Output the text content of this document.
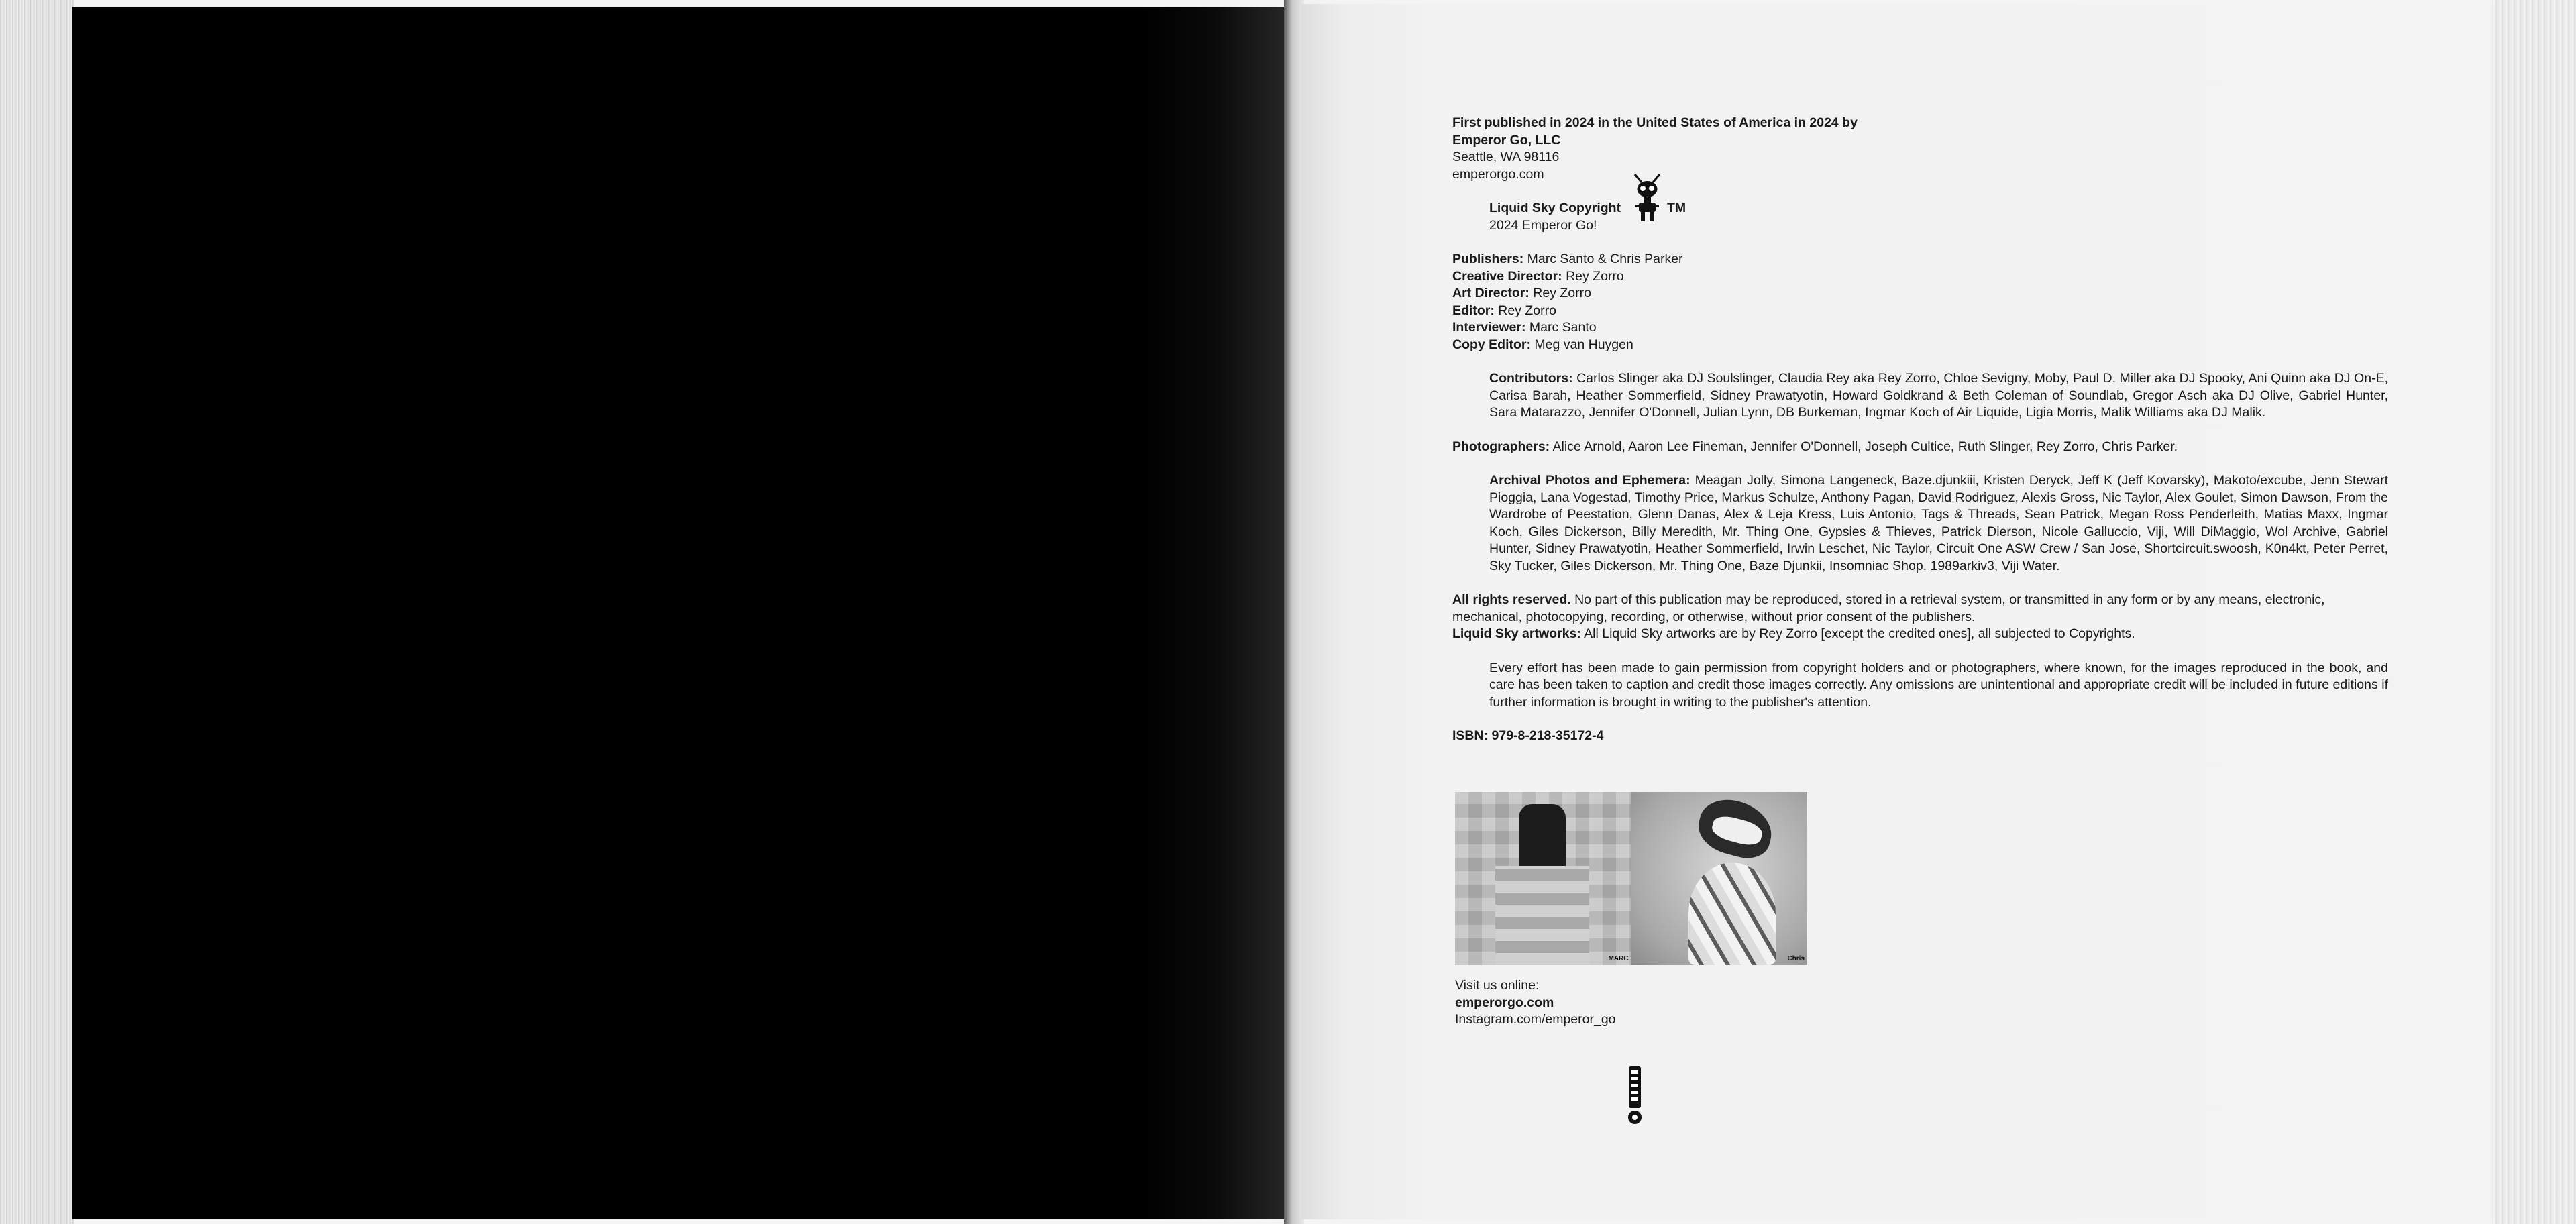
First published in 2024 in the United States of America in 2024 by

Emperor Go, LLC

Seattle, WA 98116

emperorgo.com

Liquid Sky Copyright

2024 Emperor Go!

TM

Publishers: Marc Santo & Chris Parker

Creative Director: Rey Zorro

Art Director: Rey Zorro

Editor: Rey Zorro

Interviewer: Marc Santo

Copy Editor: Meg van Huygen

Contributors: Carlos Slinger aka DJ Soulslinger, Claudia Rey aka Rey Zorro, Chloe Sevigny, Moby, Paul D. Miller aka DJ Spooky, Ani Quinn aka DJ On-E, Carisa Barah, Heather Sommerfield, Sidney Prawatyotin, Howard Goldkrand & Beth Coleman of Soundlab, Gregor Asch aka DJ Olive, Gabriel Hunter, Sara Matarazzo, Jennifer O'Donnell, Julian Lynn, DB Burkeman, Ingmar Koch of Air Liquide, Ligia Morris, Malik Williams aka DJ Malik.

Photographers: Alice Arnold, Aaron Lee Fineman, Jennifer O'Donnell, Joseph Cultice, Ruth Slinger, Rey Zorro, Chris Parker.

Archival Photos and Ephemera: Meagan Jolly, Simona Langeneck, Baze.djunkiii, Kristen Deryck, Jeff K (Jeff Kovarsky), Makoto/excube, Jenn Stewart Pioggia, Lana Vogestad, Timothy Price, Markus Schulze, Anthony Pagan, David Rodriguez, Alexis Gross, Nic Taylor, Alex Goulet, Simon Dawson, From the Wardrobe of Peestation, Glenn Danas, Alex & Leja Kress, Luis Antonio, Tags & Threads, Sean Patrick, Megan Ross Penderleith, Matias Maxx, Ingmar Koch, Giles Dickerson, Billy Meredith, Mr. Thing One, Gypsies & Thieves, Patrick Dierson, Nicole Galluccio, Viji, Will DiMaggio, Wol Archive, Gabriel Hunter, Sidney Prawatyotin, Heather Sommerfield, Irwin Leschet, Nic Taylor, Circuit One ASW Crew / San Jose, Shortcircuit.swoosh, K0n4kt, Peter Perret, Sky Tucker, Giles Dickerson, Mr. Thing One, Baze Djunkii, Insomniac Shop. 1989arkiv3, Viji Water.

All rights reserved. No part of this publication may be reproduced, stored in a retrieval system, or transmitted in any form or by any means, electronic, mechanical, photocopying, recording, or otherwise, without prior consent of the publishers.

Liquid Sky artworks: All Liquid Sky artworks are by Rey Zorro [except the credited ones], all subjected to Copyrights.

Every effort has been made to gain permission from copyright holders and or photographers, where known, for the images reproduced in the book, and care has been taken to caption and credit those images correctly. Any omissions are unintentional and appropriate credit will be included in future editions if further information is brought in writing to the publisher's attention.

ISBN: 979-8-218-35172-4

MARC	Chris

Visit us online:

emperorgo.com

Instagram.com/emperor_go
